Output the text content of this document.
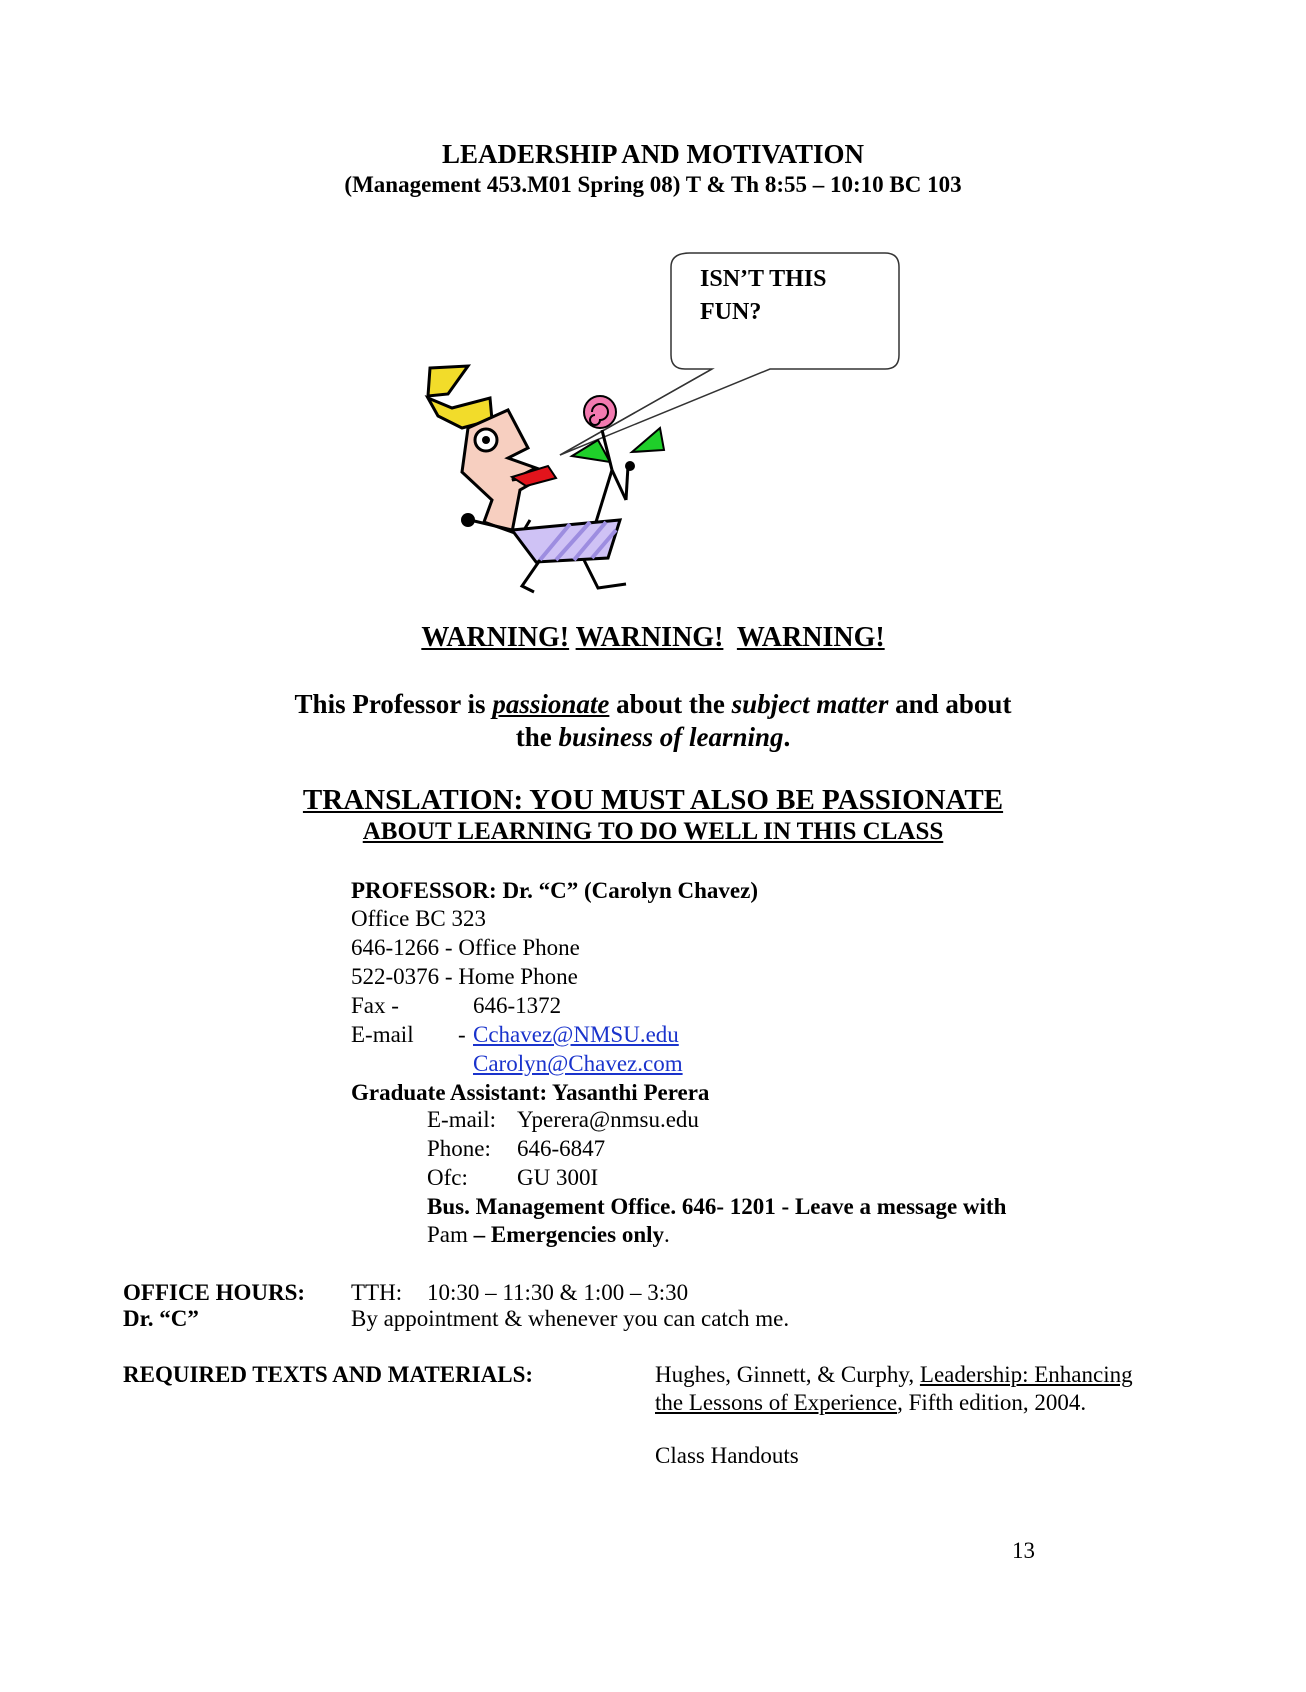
LEADERSHIP AND MOTIVATION
(Management 453.M01 Spring 08) T & Th 8:55 – 10:10 BC 103
ISN’T THIS
FUN?
WARNING! WARNING! WARNING!
This Professor is passionate about the subject matter and about
the business of learning.
TRANSLATION: YOU MUST ALSO BE PASSIONATE
ABOUT LEARNING TO DO WELL IN THIS CLASS
PROFESSOR: Dr. “C” (Carolyn Chavez)
Office BC 323
646-1266 - Office Phone
522-0376 - Home Phone
Fax -	646-1372
E-mail - Cchavez@NMSU.edu
Carolyn@Chavez.com
Graduate Assistant: Yasanthi Perera
E-mail: Yperera@nmsu.edu
Phone: 646-6847
Ofc: GU 300I
Bus. Management Office. 646- 1201 - Leave a message with
Pam – Emergencies only.
OFFICE HOURS:
Dr. “C”
TTH: 10:30 – 11:30 & 1:00 – 3:30
By appointment & whenever you can catch me.
REQUIRED TEXTS AND MATERIALS:	Hughes, Ginnett, & Curphy, Leadership: Enhancing
the Lessons of Experience, Fifth edition, 2004.
Class Handouts
13
